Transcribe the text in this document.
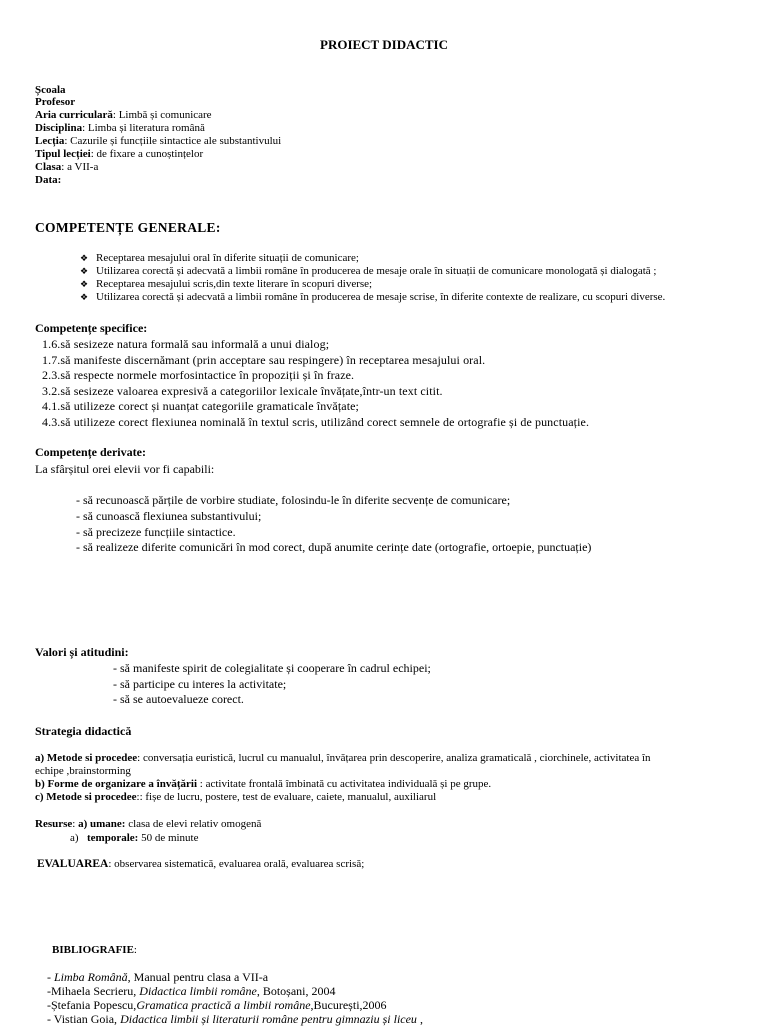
PROIECT DIDACTIC
Școala
Profesor
Aria curriculară: Limbă și comunicare
Disciplina: Limba și literatura română
Lecția: Cazurile și funcțiile sintactice ale substantivului
Tipul lecției: de fixare a cunoștințelor
Clasa: a VII-a
Data:
COMPETENȚE GENERALE:
❖ Receptarea mesajului oral în diferite situații de comunicare;
❖ Utilizarea corectă și adecvată a limbii române în producerea de mesaje orale în situații de comunicare monologată și dialogată ;
❖ Receptarea mesajului scris,din texte literare în scopuri diverse;
❖ Utilizarea corectă și adecvată a limbii române în producerea de mesaje scrise, în diferite contexte de realizare, cu scopuri diverse.
Competențe specifice:
1.6.să sesizeze natura formală sau informală a unui dialog;
1.7.să manifeste discernămant (prin acceptare sau respingere) în receptarea mesajului oral.
2.3.să respecte normele morfosintactice în propoziții și în fraze.
3.2.să sesizeze valoarea expresivă a categoriilor lexicale învățate,într-un text citit.
4.1.să utilizeze corect și nuanțat categoriile gramaticale învățate;
4.3.să utilizeze corect flexiunea nominală în textul scris, utilizând corect semnele de ortografie și de punctuație.
Competențe derivate:
La sfârșitul orei elevii vor fi capabili:
- să recunoască părțile de vorbire studiate, folosindu-le în diferite secvențe de comunicare;
- să cunoască flexiunea substantivului;
- să precizeze funcțiile sintactice.
- să realizeze diferite comunicări în mod corect, după anumite cerințe date (ortografie, ortoepie, punctuație)
Valori și atitudini:
- să manifeste spirit de colegialitate și cooperare în cadrul echipei;
- să participe cu interes la activitate;
- să se autoevalueze corect.
Strategia didactică
a) Metode si procedee: conversația euristică, lucrul cu manualul, învățarea prin descoperire, analiza gramaticală , ciorchinele, activitatea în
echipe ,brainstorming
b) Forme de organizare a învățării : activitate frontală îmbinată cu activitatea individuală și pe grupe.
c) Metode si procedee:: fișe de lucru, postere, test de evaluare, caiete, manualul, auxiliarul
Resurse: a) umane: clasa de elevi relativ omogenă
a) temporale: 50 de minute
EVALUAREA: observarea sistematică, evaluarea orală, evaluarea scrisă;
BIBLIOGRAFIE:
- Limba Română, Manual pentru clasa a VII-a
-Mihaela Secrieru, Didactica limbii române, Botoșani, 2004
-Ștefania Popescu,Gramatica practică a limbii române,București,2006
- Vistian Goia, Didactica limbii și literaturii române pentru gimnaziu și liceu ,
